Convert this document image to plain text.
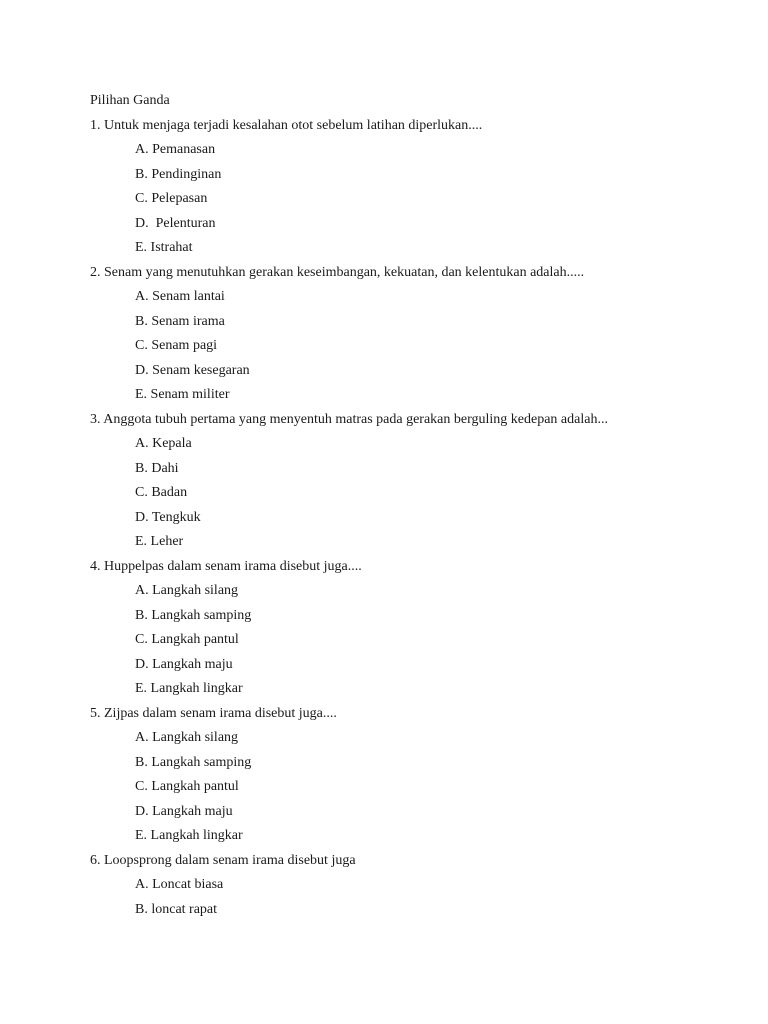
Pilihan Ganda
1. Untuk menjaga terjadi kesalahan otot sebelum latihan diperlukan....
A. Pemanasan
B. Pendinginan
C. Pelepasan
D.  Pelenturan
E. Istrahat
2. Senam yang menutuhkan gerakan keseimbangan, kekuatan, dan kelentukan adalah.....
A. Senam lantai
B. Senam irama
C. Senam pagi
D. Senam kesegaran
E. Senam militer
3. Anggota tubuh pertama yang menyentuh matras pada gerakan berguling kedepan adalah...
A. Kepala
B. Dahi
C. Badan
D. Tengkuk
E. Leher
4. Huppelpas dalam senam irama disebut juga....
A. Langkah silang
B. Langkah samping
C. Langkah pantul
D. Langkah maju
E. Langkah lingkar
5. Zijpas dalam senam irama disebut juga....
A. Langkah silang
B. Langkah samping
C. Langkah pantul
D. Langkah maju
E. Langkah lingkar
6. Loopsprong dalam senam irama disebut juga
A. Loncat biasa
B. loncat rapat
